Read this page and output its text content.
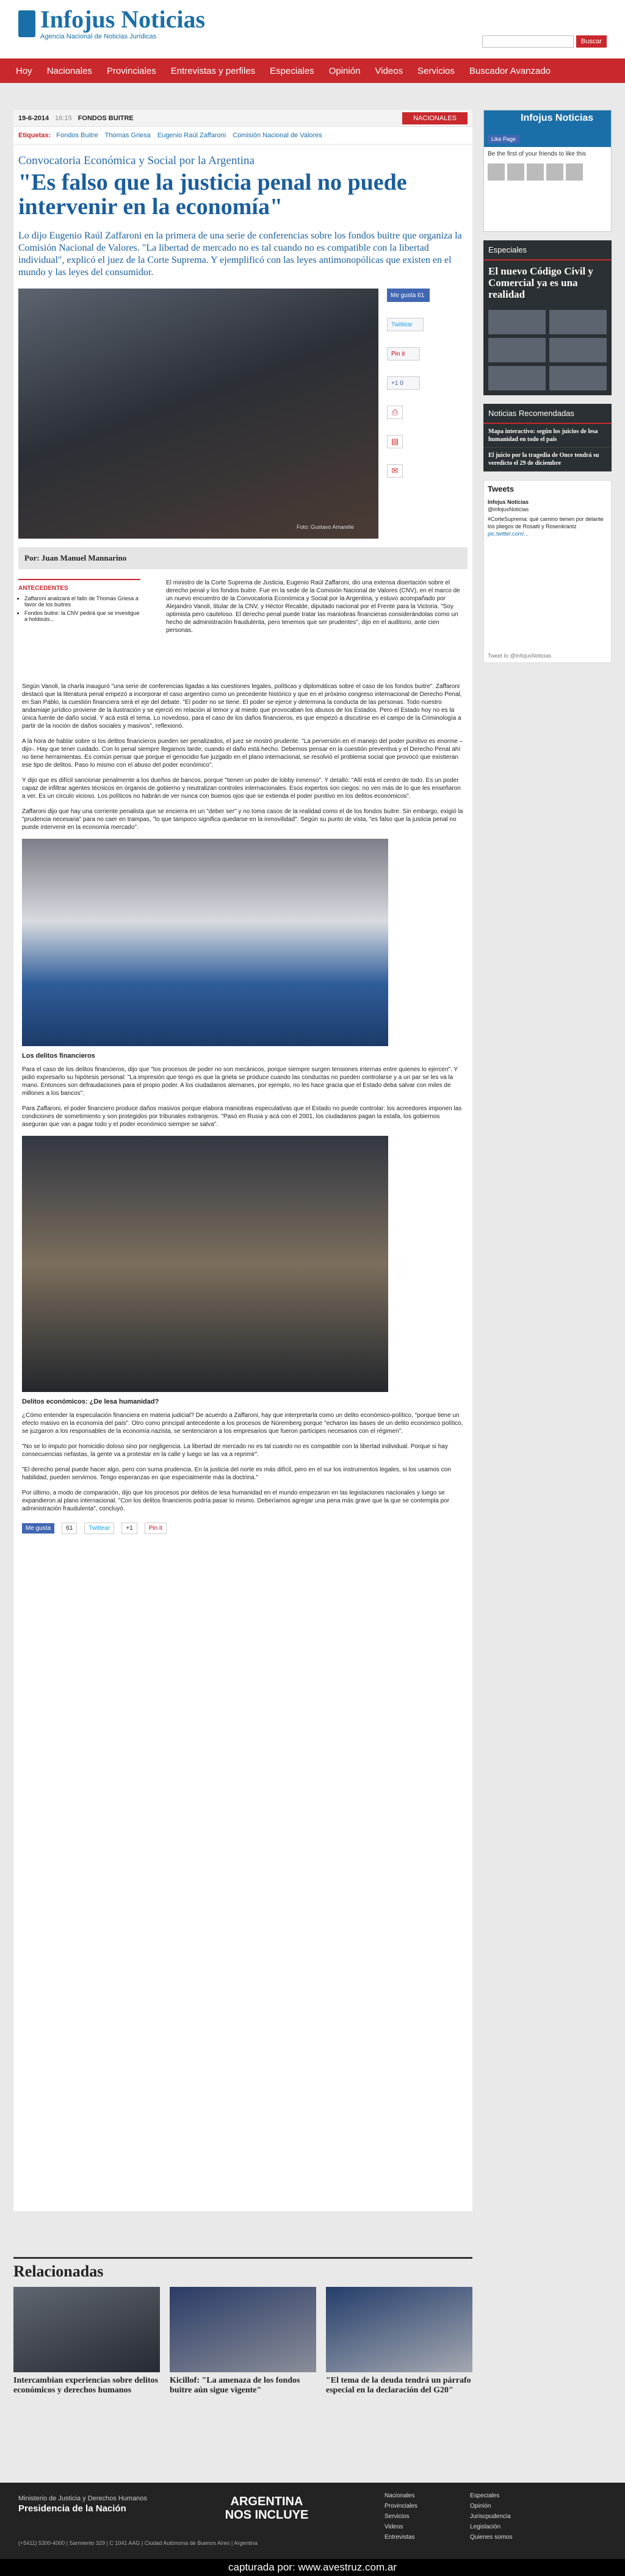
Infojus Noticias
Agencia Nacional de Noticias Jurídicas
Buscar
Hoy Nacionales Provinciales Entrevistas y perfiles Especiales Opinión Videos Servicios Buscador Avanzado
19-6-2014 16:15 FONDOS BUITRE	NACIONALES
Etiquetas: Fondos Buitre Thomas Griesa Eugenio Raúl Zaffaroni Comisión Nacional de Valores
Convocatoria Económica y Social por la Argentina
"Es falso que la justicia penal no puede intervenir en la economía"

Lo dijo Eugenio Raúl Zaffaroni en la primera de una serie de conferencias sobre los fondos buitre que organiza la Comisión Nacional de Valores. "La libertad de mercado no es tal cuando no es compatible con la libertad individual", explicó el juez de la Corte Suprema. Y ejemplificó con las leyes antimonopólicas que existen en el mundo y las leyes del consumidor.

Foto: Gustavo Amarelle
Me gusta
61
Twittear
Pin it
+1
0
⎙
▤
✉
Por: Juan Manuel Mannarino
ANTECEDENTES
• Zaffaroni analizará el fallo de Thomas Griesa a favor de los buitres
• Fondos buitre: la CNV pedirá que se investigue a holdouts...

El ministro de la Corte Suprema de Justicia, Eugenio Raúl Zaffaroni, dio una extensa disertación sobre el derecho penal y los fondos buitre. Fue en la sede de la Comisión Nacional de Valores (CNV), en el marco de un nuevo encuentro de la Convocatoria Económica y Social por la Argentina, y estuvo acompañado por Alejandro Vanoli, titular de la CNV, y Héctor Recalde, diputado nacional por el Frente para la Victoria. "Soy optimista pero cauteloso. El derecho penal puede tratar las maniobras financieras considerándolas como un hecho de administración fraudulenta, pero tenemos que ser prudentes", dijo en el auditorio, ante cien personas.

Según Vanoli, la charla inauguró "una serie de conferencias ligadas a las cuestiones legales, políticas y diplomáticas sobre el caso de los fondos buitre". Zaffaroni destacó que la literatura penal empezó a incorporar el caso argentino como un precedente histórico y que en el próximo congreso internacional de Derecho Penal, en San Pablo, la cuestión financiera será el eje del debate. "El poder no se tiene. El poder se ejerce y determina la conducta de las personas. Todo nuestro andamiaje jurídico proviene de la ilustración y se ejerció en relación al temor y al miedo que provocaban los abusos de los Estados. Pero el Estado hoy no es la única fuente de daño social. Y acá está el tema. Lo novedoso, para el caso de los daños financieros, es que empezó a discutirse en el campo de la Criminología a partir de la noción de daños sociales y masivos", reflexionó.

A la hora de hablar sobre si los delitos financieros pueden ser penalizados, el juez se mostró prudente. "La perversión en el manejo del poder punitivo es enorme –dijo-. Hay que tener cuidado. Con lo penal siempre llegamos tarde, cuando el daño está hecho. Debemos pensar en la cuestión preventiva y el Derecho Penal ahí no tiene herramientas. Es común pensar que porque el genocidio fue juzgado en el plano internacional, se resolvió el problema social que provocó que existieran ese tipo de delitos. Paso lo mismo con el abuso del poder económico".

Y dijo que es difícil sancionar penalmente a los dueños de bancos, porque "tienen un poder de lobby inmenso". Y detalló: "Allí está el centro de todo. Es un poder capaz de infiltrar agentes técnicos en órganos de gobierno y neutralizan controles internacionales. Esos expertos son ciegos: no ven más de lo que les enseñaron a ver. Es un círculo vicioso. Los políticos no habrán de ver nunca con buenos ojos que se extienda el poder punitivo en los delitos económicos".

Zaffaroni dijo que hay una corriente penalista que se encierra en un "deber ser" y no toma casos de la realidad como el de los fondos buitre. Sin embargo, exigió la "prudencia necesaria" para no caer en trampas, "lo que tampoco significa quedarse en la inmovilidad". Según su punto de vista, "es falso que la justicia penal no puede intervenir en la economía mercado".

Los delitos financieros

Para el caso de los delitos financieros, dijo que "los procesos de poder no son mecánicos, porque siempre surgen tensiones internas entre quienes lo ejercen". Y pidió expresarlo su hipótesis personal: "La impresión que tengo es que la grieta se produce cuando las conductas no pueden controlarse y a un par se les va la mano. Entonces son defraudaciones para el propio poder. A los ciudadanos alemanes, por ejemplo, no les hace gracia que el Estado deba salvar con miles de millones a los bancos".

Para Zaffaroni, el poder financiero produce daños masivos porque elabora maniobras especulativas que el Estado no puede controlar: los acreedores imponen las condiciones de sometimiento y son protegidos por tribunales extranjeros. "Pasó en Rusia y acá con el 2001, los ciudadanos pagan la estafa, los gobiernos aseguran que van a pagar todo y el poder económico siempre se salva".

Delitos económicos: ¿De lesa humanidad?

¿Cómo entender la especulación financiera en materia judicial? De acuerdo a Zaffaroni, hay que interpretarla como un delito económico-político, "porque tiene un efecto masivo en la economía del país". Otro como principal antecedente a los procesos de Núremberg porque "echaron las bases de un delito económico político, se juzgaron a los responsables de la economía nazista, se sentenciaron a los empresarios que fueron partícipes necesarios con el régimen".

"No se lo imputo por homicidio doloso sino por negligencia. La libertad de mercado no es tal cuando no es compatible con la libertad individual. Porque si hay consecuencias nefastas, la gente va a protestar en la calle y luego se las va a reprimir".

"El derecho penal puede hacer algo, pero con suma prudencia. En la justicia del norte es más difícil, pero en el sur los instrumentos legales, si los usamos con habilidad, pueden servirnos. Tengo esperanzas en que especialmente más la doctrina."

Por último, a modo de comparación, dijo que los procesos por delitos de lesa humanidad en el mundo empezaron en las legislaciones nacionales y luego se expandieron al plano internacional. "Con los delitos financieros podría pasar lo mismo. Deberíamos agregar una pena más grave que la que se contempla por administración fraudulenta", concluyó.

Me gusta	61	Twittear	+1	Pin it
Relacionadas
Intercambian experiencias sobre delitos económicos y derechos humanos
Kicillof: "La amenaza de los fondos buitre aún sigue vigente"
"El tema de la deuda tendrá un párrafo especial en la declaración del G20"
Infojus Noticias
Like Page
Be the first of your friends to like this
Especiales
El nuevo Código Civil y Comercial ya es una realidad
Noticias Recomendadas
Mapa interactivo: según los juicios de lesa humanidad en todo el país
El juicio por la tragedia de Once tendrá su veredicto el 29 de diciembre
Tweets
Infojus Noticias
@infojusNoticias
#CorteSuprema: qué camino tienen por delante los pliegos de Rosatti y Rosenkrantz
pic.twitter.com/...
Tweet to @InfojusNoticias
Ministerio de Justicia y Derechos Humanos
Presidencia de la Nación
ARGENTINA NOS INCLUYE
Nacionales	Especiales
Provinciales	Opinión
Servicios	Juriscpudencia
Videos	Legislación
Entrevistas	Quienes somos
(+5411) 5300-4000 | Sarmiento 329 | C 1041 AAG | Ciudad Autónoma de Buenos Aires | Argentina
capturada por: www.avestruz.com.ar
